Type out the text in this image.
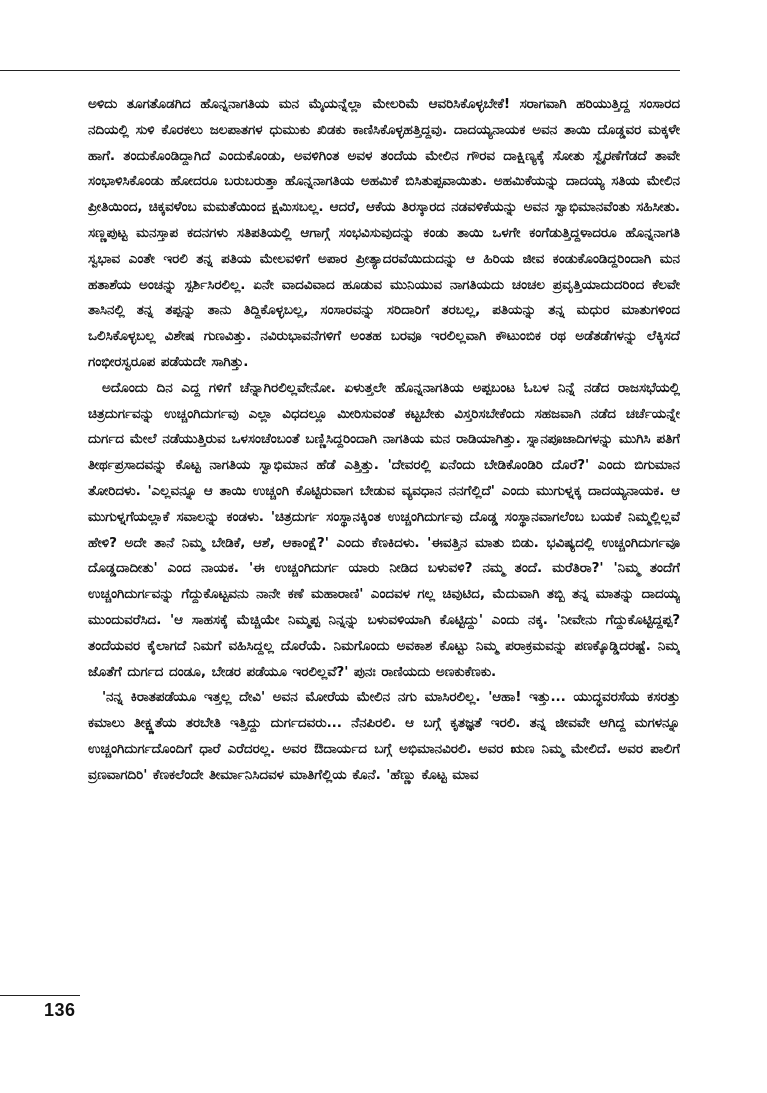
ಅಳಿದು ತೂಗತೊಡಗಿದ ಹೊನ್ನನಾಗತಿಯ ಮನ ಮೈಯನ್ನೆಲ್ಲಾ ಮೇಲರಿಮೆ ಆವರಿಸಿಕೊಳ್ಳಬೇಕೆ! ಸರಾಗವಾಗಿ ಹರಿಯುತ್ತಿದ್ದ ಸಂಸಾರದ ನದಿಯಲ್ಲಿ ಸುಳಿ ಕೊರಕಲು ಜಲಪಾತಗಳ ಧುಮುಕು ಖಿಡಕು ಕಾಣಿಸಿಕೊಳ್ಳಹತ್ತಿದ್ದವು. ದಾದಯ್ಯನಾಯಕ ಅವನ ತಾಯಿ ದೊಡ್ಡವರ ಮಕ್ಕಳೇ ಹಾಗೆ. ತಂದುಕೊಂಡಿದ್ದಾಗಿದೆ ಎಂದುಕೊಂಡು, ಅವಳಿಗಿಂತ ಅವಳ ತಂದೆಯ ಮೇಲಿನ ಗೌರವ ದಾಕ್ಷಿಣ್ಯಕ್ಕೆ ಸೋತು ಸ್ವೈರಣೆಗೆಡದೆ ತಾವೇ ಸಂಭಾಳಿಸಿಕೊಂಡು ಹೋದರೂ ಬರುಬರುತ್ತಾ ಹೊನ್ನನಾಗತಿಯ ಅಹಮಿಕೆ ಬಿಸಿತುಪ್ಪವಾಯಿತು. ಅಹಮಿಕೆಯನ್ನು ದಾದಯ್ಯ ಸತಿಯ ಮೇಲಿನ ಪ್ರೀತಿಯಿಂದ, ಚಿಕ್ಕವಳೆಂಬ ಮಮತೆಯಿಂದ ಕ್ಷಮಿಸಬಲ್ಲ. ಆದರೆ, ಆಕೆಯ ತಿರಸ್ಕಾರದ ನಡವಳಿಕೆಯನ್ನು ಅವನ ಸ್ವಾಭಿಮಾನವೆಂತು ಸಹಿಸೀತು. ಸಣ್ಣಪುಟ್ಟ ಮನಸ್ತಾಪ ಕದನಗಳು ಸತಿಪತಿಯಲ್ಲಿ ಆಗಾಗ್ಗೆ ಸಂಭವಿಸುವುದನ್ನು ಕಂಡು ತಾಯಿ ಒಳಗೇ ಕಂಗೆಡುತ್ತಿದ್ದಳಾದರೂ ಹೊನ್ನನಾಗತಿ ಸ್ವಭಾವ ಎಂತೇ ಇರಲಿ ತನ್ನ ಪತಿಯ ಮೇಲವಳಿಗೆ ಅಪಾರ ಪ್ರೀತ್ಯಾದರವೆಯಿದುದನ್ನು ಆ ಹಿರಿಯ ಜೀವ ಕಂಡುಕೊಂಡಿದ್ದರಿಂದಾಗಿ ಮನ ಹತಾಶೆಯ ಅಂಚನ್ನು ಸ್ಪರ್ಶಿಸಿರಲಿಲ್ಲ. ಏನೇ ವಾದವಿವಾದ ಹೂಡುವ ಮುನಿಯುವ ನಾಗತಿಯದು ಚಂಚಲ ಪ್ರವೃತ್ತಿಯಾದುದರಿಂದ ಕೆಲವೇ ತಾಸಿನಲ್ಲಿ ತನ್ನ ತಪ್ಪನ್ನು ತಾನು ತಿದ್ದಿಕೊಳ್ಳಬಲ್ಲ, ಸಂಸಾರವನ್ನು ಸರಿದಾರಿಗೆ ತರಬಲ್ಲ, ಪತಿಯನ್ನು ತನ್ನ ಮಧುರ ಮಾತುಗಳಿಂದ ಒಲಿಸಿಕೊಳ್ಳಬಲ್ಲ ವಿಶೇಷ ಗುಣವಿತ್ತು. ನವಿರುಭಾವನೆಗಳಿಗೆ ಅಂತಹ ಬರವೂ ಇರಲಿಲ್ಲವಾಗಿ ಕೌಟುಂಬಿಕ ರಥ ಅಡೆತಡೆಗಳನ್ನು ಲೆಕ್ಕಿಸದೆ ಗಂಭೀರಸ್ವರೂಪ ಪಡೆಯದೇ ಸಾಗಿತ್ತು.

ಅದೊಂದು ದಿನ ಎದ್ದ ಗಳಿಗೆ ಚೆನ್ನಾಗಿರಲಿಲ್ಲವೇನೋ. ಏಳುತ್ತಲೇ ಹೊನ್ನನಾಗತಿಯ ಅಪ್ಪಬಂಟ ಓಬಳ ನಿನ್ನೆ ನಡೆದ ರಾಜಸಭೆಯಲ್ಲಿ ಚಿತ್ರದುರ್ಗವನ್ನು ಉಚ್ಚಂಗಿದುರ್ಗವು ಎಲ್ಲಾ ವಿಧದಲ್ಲೂ ಮೀರಿಸುವಂತೆ ಕಟ್ಟಬೇಕು ವಿಸ್ತರಿಸಬೇಕೆಂದು ಸಹಜವಾಗಿ ನಡೆದ ಚರ್ಚೆಯನ್ನೇ ದುರ್ಗದ ಮೇಲೆ ನಡೆಯುತ್ತಿರುವ ಒಳಸಂಚೆಂಬಂತೆ ಬಣ್ಣಿಸಿದ್ದರಿಂದಾಗಿ ನಾಗತಿಯ ಮನ ರಾಡಿಯಾಗಿತ್ತು. ಸ್ನಾನಪೂಜಾದಿಗಳನ್ನು ಮುಗಿಸಿ ಪತಿಗೆ ತೀರ್ಥಪ್ರಸಾದವನ್ನು ಕೊಟ್ಟ ನಾಗತಿಯ ಸ್ವಾಭಿಮಾನ ಹೆಡೆ ಎತ್ತಿತ್ತು. 'ದೇವರಲ್ಲಿ ಏನೆಂದು ಬೇಡಿಕೊಂಡಿರಿ ದೊರೆ?' ಎಂದು ಬಿಗುಮಾನ ತೋರಿದಳು. 'ಎಲ್ಲವನ್ನೂ ಆ ತಾಯಿ ಉಚ್ಚಂಗಿ ಕೊಟ್ಟಿರುವಾಗ ಬೇಡುವ ವ್ಯವಧಾನ ನನಗೆಲ್ಲಿದೆ' ಎಂದು ಮುಗುಳ್ನಕ್ಕ ದಾದಯ್ಯನಾಯಕ. ಆ ಮುಗುಳ್ನಗೆಯಲ್ಲಾಕೆ ಸವಾಲನ್ನು ಕಂಡಳು. 'ಚಿತ್ರದುರ್ಗ ಸಂಸ್ಥಾನಕ್ಕಿಂತ ಉಚ್ಚಂಗಿದುರ್ಗವು ದೊಡ್ಡ ಸಂಸ್ಥಾನವಾಗಲೆಂಬ ಬಯಕೆ ನಿಮ್ಮಲ್ಲಿಲ್ಲವೆ ಹೇಳಿ? ಅದೇ ತಾನೆ ನಿಮ್ಮ ಬೇಡಿಕೆ, ಆಶೆ, ಆಕಾಂಕ್ಷೆ?' ಎಂದು ಕೆಣಕಿದಳು. 'ಈವತ್ತಿನ ಮಾತು ಬಿಡು. ಭವಿಷ್ಯದಲ್ಲಿ ಉಚ್ಚಂಗಿದುರ್ಗವೂ ದೊಡ್ಡದಾದೀತು' ಎಂದ ನಾಯಕ. 'ಈ ಉಚ್ಚಂಗಿದುರ್ಗ ಯಾರು ನೀಡಿದ ಬಳುವಳಿ? ನಮ್ಮ ತಂದೆ. ಮರೆತಿರಾ?' 'ನಿಮ್ಮ ತಂದೆಗೆ ಉಚ್ಚಂಗಿದುರ್ಗವನ್ನು ಗೆದ್ದುಕೊಟ್ಟವನು ನಾನೇ ಕಣೆ ಮಹಾರಾಣಿ' ಎಂದವಳ ಗಲ್ಲ ಚಿವುಟಿದ, ಮೆದುವಾಗಿ ತಬ್ಬಿ ತನ್ನ ಮಾತನ್ನು ದಾದಯ್ಯ ಮುಂದುವರೆಸಿದ. 'ಆ ಸಾಹಸಕ್ಕೆ ಮೆಚ್ಚಿಯೇ ನಿಮ್ಮಪ್ಪ ನಿನ್ನನ್ನು ಬಳುವಳಿಯಾಗಿ ಕೊಟ್ಟಿದ್ದು' ಎಂದು ನಕ್ಕ. 'ನೀವೇನು ಗೆದ್ದುಕೊಟ್ಟಿದ್ದಪ್ಪ? ತಂದೆಯವರ ಕೈಲಾಗದೆ ನಿಮಗೆ ವಹಿಸಿದ್ದಲ್ಲ ದೊರೆಯೆ. ನಿಮಗೊಂದು ಅವಕಾಶ ಕೊಟ್ಟು ನಿಮ್ಮ ಪರಾಕ್ರಮವನ್ನು ಪಣಕ್ಕೊಡ್ಡಿದರಷ್ಟೆ. ನಿಮ್ಮ ಜೊತೆಗೆ ದುರ್ಗದ ದಂಡೂ, ಬೇಡರ ಪಡೆಯೂ ಇರಲಿಲ್ಲವೆ?' ಪುನಃ ರಾಣಿಯದು ಅಣಕುಕೆಣಕು.

'ನನ್ನ ಕಿರಾತಪಡೆಯೂ ಇತ್ತಲ್ಲ ದೇವಿ' ಅವನ ಮೋರೆಯ ಮೇಲಿನ ನಗು ಮಾಸಿರಲಿಲ್ಲ. 'ಆಹಾ! ಇತ್ತು... ಯುದ್ಧವರಸೆಯ ಕಸರತ್ತು ಕಮಾಲು ತೀಕ್ಷ್ಣತೆಯ ತರಬೇತಿ ಇತ್ತಿದ್ದು ದುರ್ಗದವರು... ನೆನಪಿರಲಿ. ಆ ಬಗ್ಗೆ ಕೃತಜ್ಞತೆ ಇರಲಿ. ತನ್ನ ಜೀವವೇ ಆಗಿದ್ದ ಮಗಳನ್ನೂ ಉಚ್ಚಂಗಿದುರ್ಗದೊಂದಿಗೆ ಧಾರೆ ಎರೆದರಲ್ಲ. ಅವರ ಔದಾರ್ಯದ ಬಗ್ಗೆ ಅಭಿಮಾನವಿರಲಿ. ಅವರ ಋಣ ನಿಮ್ಮ ಮೇಲಿದೆ. ಅವರ ಪಾಲಿಗೆ ವ್ರಣವಾಗದಿರಿ' ಕೆಣಕಲೆಂದೇ ತೀರ್ಮಾನಿಸಿದವಳ ಮಾತಿಗೆಲ್ಲಿಯ ಕೊನೆ. 'ಹೆಣ್ಣು ಕೊಟ್ಟ ಮಾವ

136
